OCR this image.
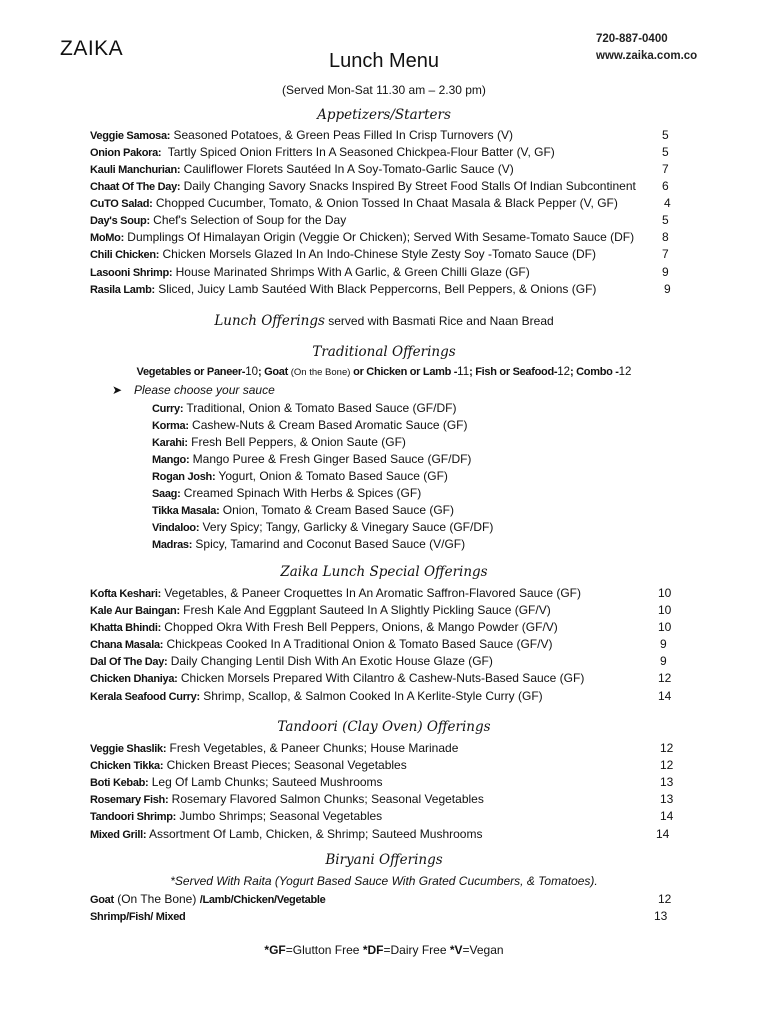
ZAIKA	720-887-0400
www.zaika.com.co
Lunch Menu
(Served Mon-Sat 11.30 am – 2.30 pm)
Appetizers/Starters
Veggie Samosa: Seasoned Potatoes, & Green Peas Filled In Crisp Turnovers (V)	5
Onion Pakora:  Tartly Spiced Onion Fritters In A Seasoned Chickpea-Flour Batter (V, GF)	5
Kauli Manchurian: Cauliflower Florets Sautéed In A Soy-Tomato-Garlic Sauce (V)	7
Chaat Of The Day: Daily Changing Savory Snacks Inspired By Street Food Stalls Of Indian Subcontinent 6
CuTO Salad: Chopped Cucumber, Tomato, & Onion Tossed In Chaat Masala & Black Pepper (V, GF)	4
Day's Soup: Chef's Selection of Soup for the Day	5
MoMo: Dumplings Of Himalayan Origin (Veggie Or Chicken); Served With Sesame-Tomato Sauce (DF) 8
Chili Chicken: Chicken Morsels Glazed In An Indo-Chinese Style Zesty Soy -Tomato Sauce (DF)	7
Lasooni Shrimp: House Marinated Shrimps With A Garlic, & Green Chilli Glaze (GF)	9
Rasila Lamb: Sliced, Juicy Lamb Sautéed With Black Peppercorns, Bell Peppers, & Onions (GF)	9
Lunch Offerings served with Basmati Rice and Naan Bread
Traditional Offerings
Vegetables or Paneer-10; Goat (On the Bone) or Chicken or Lamb -11; Fish or Seafood-12; Combo -12
➤ Please choose your sauce
Curry: Traditional, Onion & Tomato Based Sauce (GF/DF)
Korma: Cashew-Nuts & Cream Based Aromatic Sauce (GF)
Karahi: Fresh Bell Peppers, & Onion Saute (GF)
Mango: Mango Puree & Fresh Ginger Based Sauce (GF/DF)
Rogan Josh: Yogurt, Onion & Tomato Based Sauce (GF)
Saag: Creamed Spinach With Herbs & Spices (GF)
Tikka Masala: Onion, Tomato & Cream Based Sauce (GF)
Vindaloo: Very Spicy; Tangy, Garlicky & Vinegary Sauce (GF/DF)
Madras: Spicy, Tamarind and Coconut Based Sauce (V/GF)
Zaika Lunch Special Offerings
Kofta Keshari: Vegetables, & Paneer Croquettes In An Aromatic Saffron-Flavored Sauce (GF)	10
Kale Aur Baingan: Fresh Kale And Eggplant Sauteed In A Slightly Pickling Sauce (GF/V)	10
Khatta Bhindi: Chopped Okra With Fresh Bell Peppers, Onions, & Mango Powder (GF/V)	10
Chana Masala: Chickpeas Cooked In A Traditional Onion & Tomato Based Sauce (GF/V)	9
Dal Of The Day: Daily Changing Lentil Dish With An Exotic House Glaze (GF)	9
Chicken Dhaniya: Chicken Morsels Prepared With Cilantro & Cashew-Nuts-Based Sauce (GF)	12
Kerala Seafood Curry: Shrimp, Scallop, & Salmon Cooked In A Kerlite-Style Curry (GF)	14
Tandoori (Clay Oven) Offerings
Veggie Shaslik: Fresh Vegetables, & Paneer Chunks; House Marinade	12
Chicken Tikka: Chicken Breast Pieces; Seasonal Vegetables	12
Boti Kebab: Leg Of Lamb Chunks; Sauteed Mushrooms	13
Rosemary Fish: Rosemary Flavored Salmon Chunks; Seasonal Vegetables	13
Tandoori Shrimp: Jumbo Shrimps; Seasonal Vegetables	14
Mixed Grill: Assortment Of Lamb, Chicken, & Shrimp; Sauteed Mushrooms	14
Biryani Offerings
*Served With Raita (Yogurt Based Sauce With Grated Cucumbers, & Tomatoes).
Goat (On The Bone) /Lamb/Chicken/Vegetable	12
Shrimp/Fish/ Mixed	13
*GF=Glutton Free *DF=Dairy Free *V=Vegan
